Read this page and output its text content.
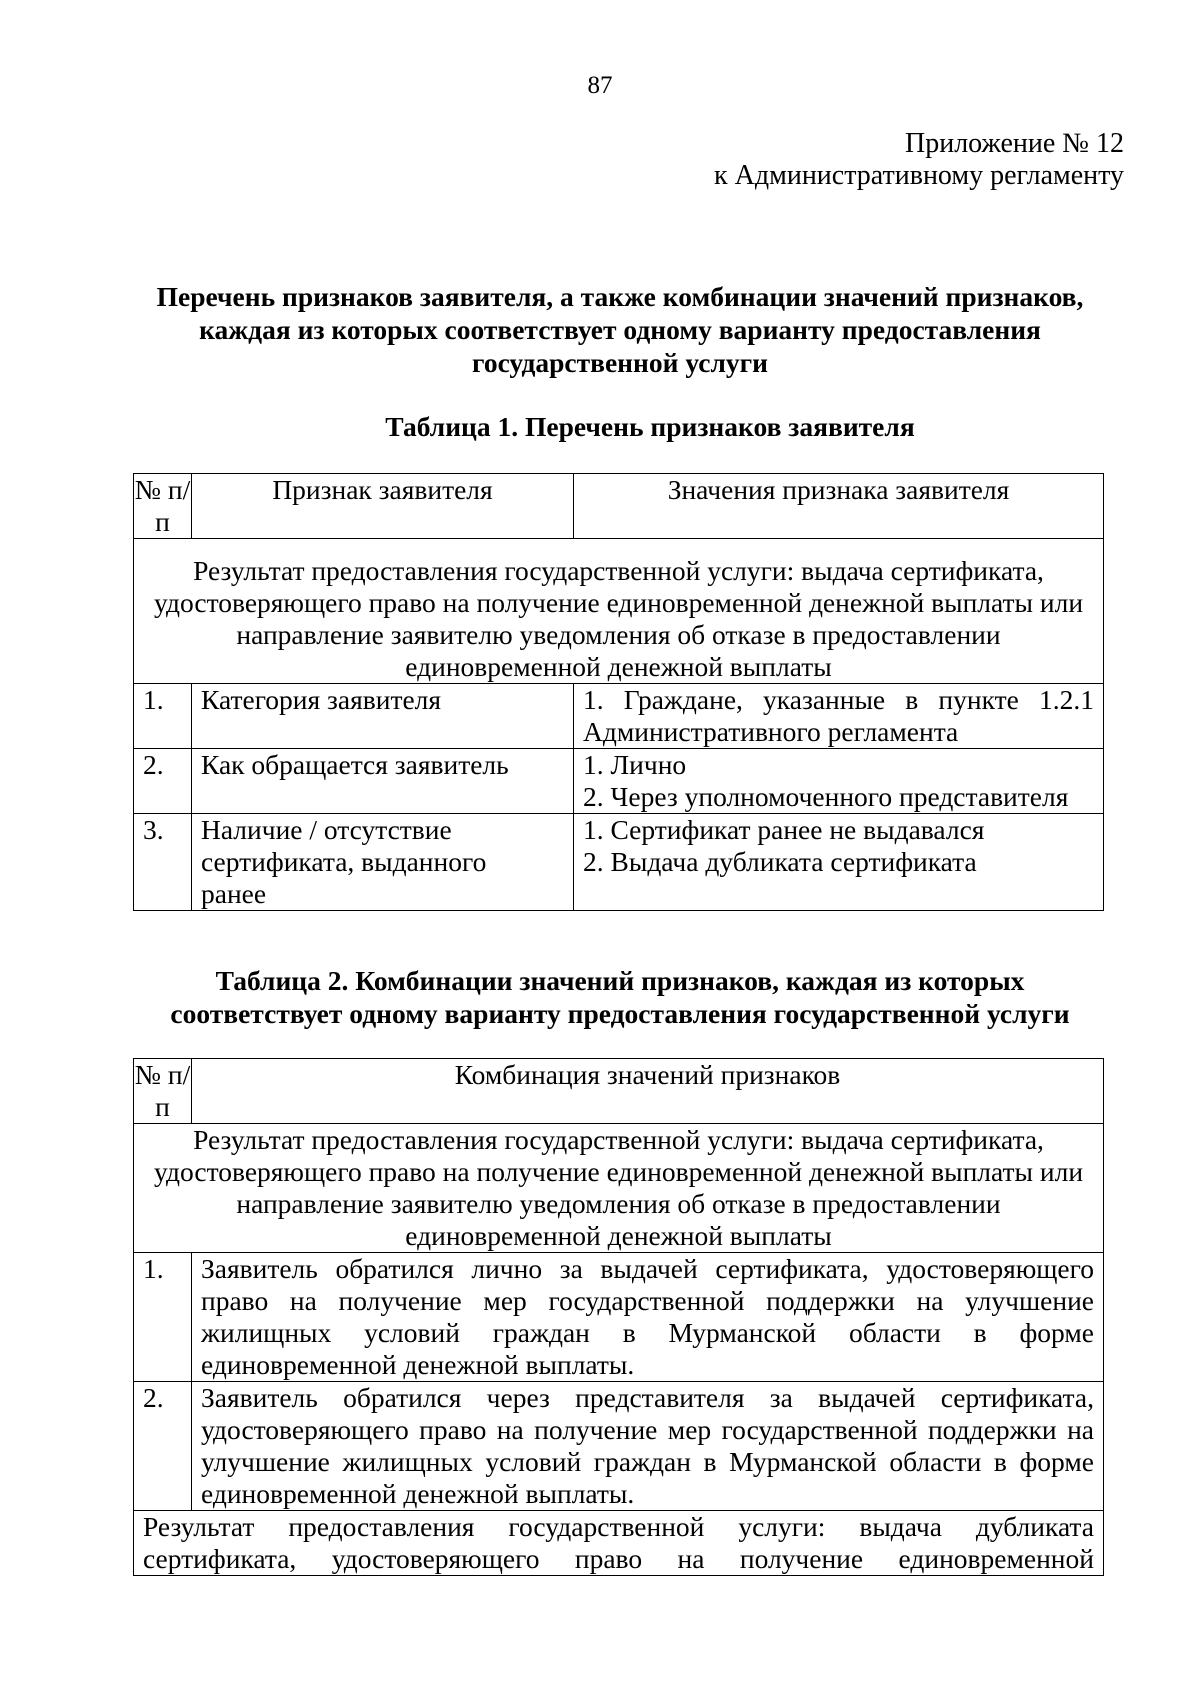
87
Приложение № 12
к Административному регламенту
Перечень признаков заявителя, а также комбинации значений признаков, каждая из которых соответствует одному варианту предоставления государственной услуги
Таблица 1. Перечень признаков заявителя
№ п/п	Признак заявителя	Значения признака заявителя
Результат предоставления государственной услуги: выдача сертификата, удостоверяющего право на получение единовременной денежной выплаты или направление заявителю уведомления об отказе в предоставлении единовременной денежной выплаты		
1.	Категория заявителя	1. Граждане, указанные в пункте 1.2.1 Административного регламента
2.	Как обращается заявитель	1. Лично
2. Через уполномоченного представителя

3.	Наличие / отсутствие сертификата, выданного ранее	1. Сертификат ранее не выдавался
2. Выдача дубликата сертификата
Таблица 2. Комбинации значений признаков, каждая из которых соответствует одному варианту предоставления государственной услуги
№ п/п	Комбинация значений признаков
Результат предоставления государственной услуги: выдача сертификата, удостоверяющего право на получение единовременной денежной выплаты или направление заявителю уведомления об отказе в предоставлении единовременной денежной выплаты	
1.	Заявитель обратился лично за выдачей сертификата, удостоверяющего право на получение мер государственной поддержки на улучшение жилищных условий граждан в Мурманской области в форме единовременной денежной выплаты.
2.	Заявитель обратился через представителя за выдачей сертификата, удостоверяющего право на получение мер государственной поддержки на улучшение жилищных условий граждан в Мурманской области в форме единовременной денежной выплаты.
Результат предоставления государственной услуги: выдача дубликата сертификата, удостоверяющего право на получение единовременной	
